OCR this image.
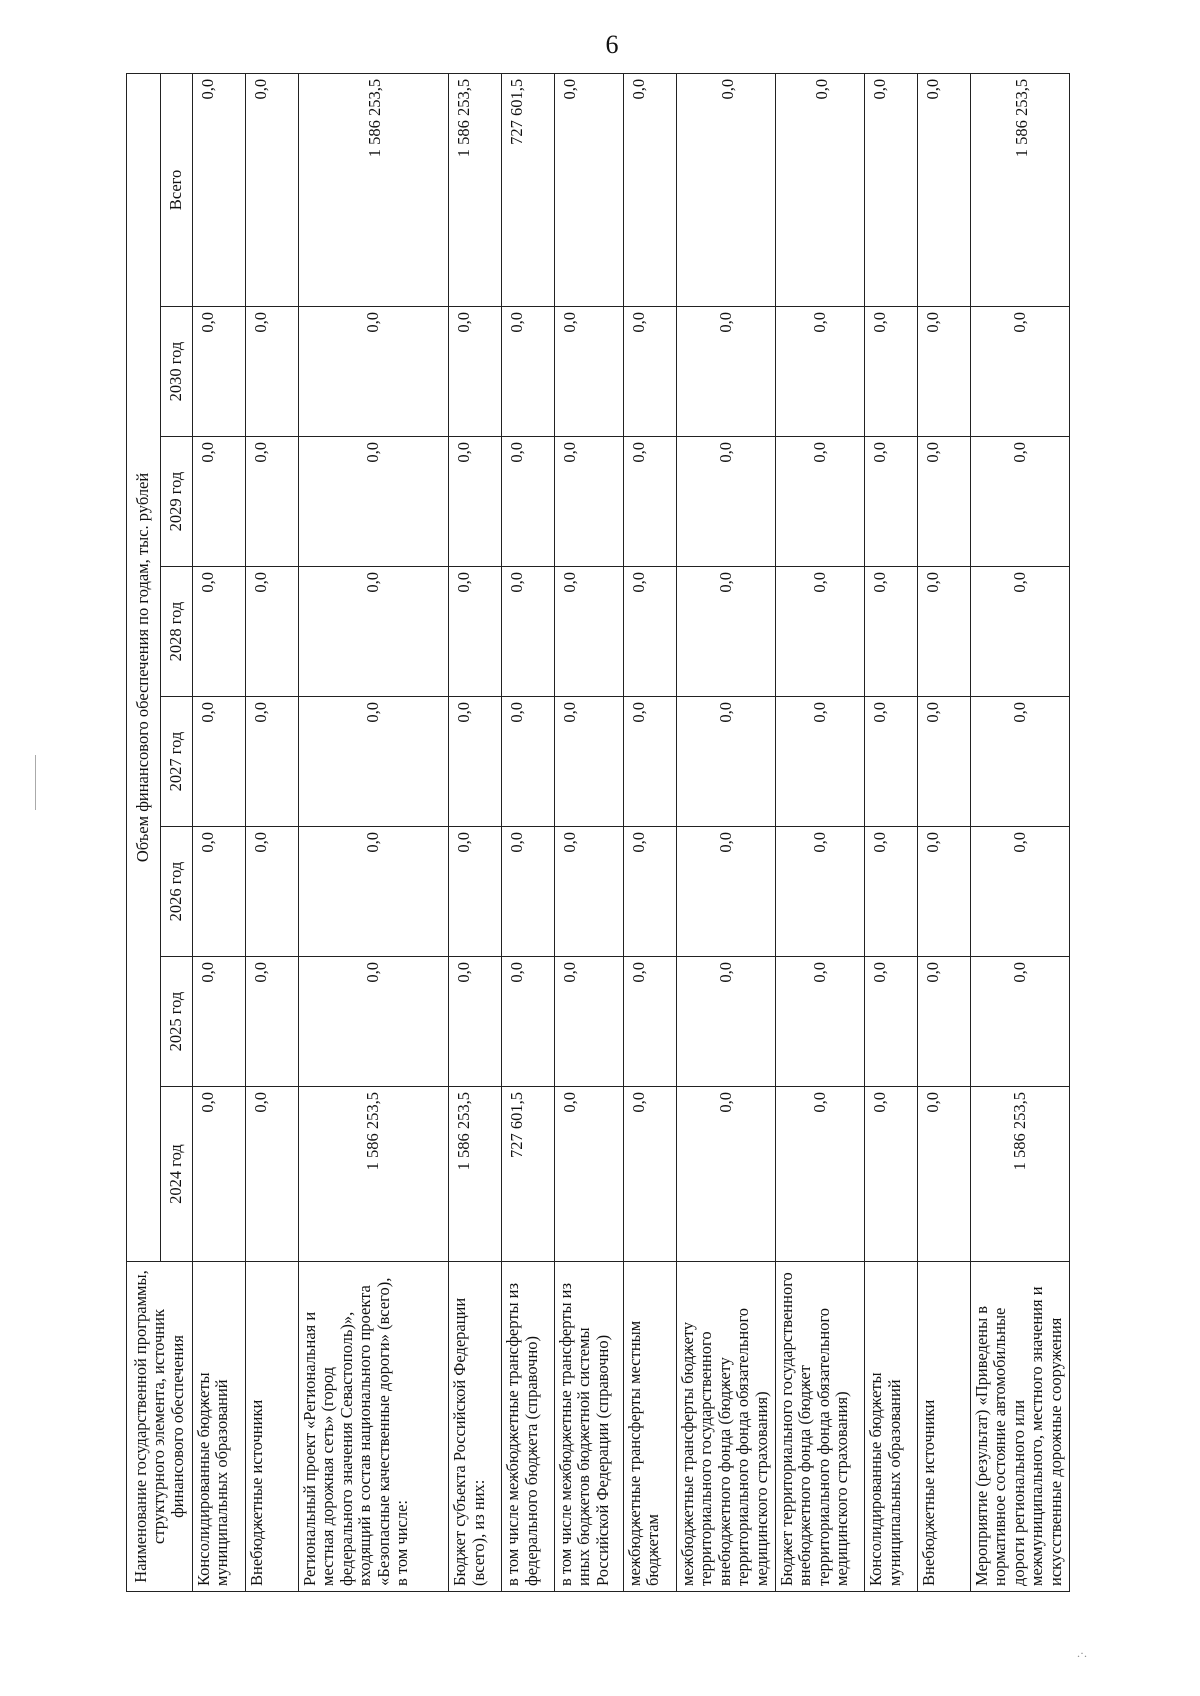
6
.·.
Наименование государственной программы, структурного элемента, источник финансового обеспечения	Объем финансового обеспечения по годам, тыс. рублей							
	2024 год	2025 год	2026 год	2027 год	2028 год	2029 год	2030 год	Всего
Консолидированные бюджеты муниципальных образований	0,0	0,0	0,0	0,0	0,0	0,0	0,0	0,0
Внебюджетные источники	0,0	0,0	0,0	0,0	0,0	0,0	0,0	0,0
Региональный проект «Региональная и местная дорожная сеть» (город федерального значения Севастополь)», входящий в состав национального проекта «Безопасные качественные дороги» (всего), в том числе:	1 586 253,5	0,0	0,0	0,0	0,0	0,0	0,0	1 586 253,5
Бюджет субъекта Российской Федерации (всего), из них:	1 586 253,5	0,0	0,0	0,0	0,0	0,0	0,0	1 586 253,5
в том числе межбюджетные трансферты из федерального бюджета (справочно)	727 601,5	0,0	0,0	0,0	0,0	0,0	0,0	727 601,5
в том числе межбюджетные трансферты из иных бюджетов бюджетной системы Российской Федерации (справочно)	0,0	0,0	0,0	0,0	0,0	0,0	0,0	0,0
межбюджетные трансферты местным бюджетам	0,0	0,0	0,0	0,0	0,0	0,0	0,0	0,0
межбюджетные трансферты бюджету территориального государственного внебюджетного фонда (бюджету территориального фонда обязательного медицинского страхования)	0,0	0,0	0,0	0,0	0,0	0,0	0,0	0,0
Бюджет территориального государственного внебюджетного фонда (бюджет территориального фонда обязательного медицинского страхования)	0,0	0,0	0,0	0,0	0,0	0,0	0,0	0,0
Консолидированные бюджеты муниципальных образований	0,0	0,0	0,0	0,0	0,0	0,0	0,0	0,0
Внебюджетные источники	0,0	0,0	0,0	0,0	0,0	0,0	0,0	0,0
Мероприятие (результат) «Приведены в нормативное состояние автомобильные дороги регионального или межмуниципального, местного значения и искусственные дорожные сооружения	1 586 253,5	0,0	0,0	0,0	0,0	0,0	0,0	1 586 253,5
